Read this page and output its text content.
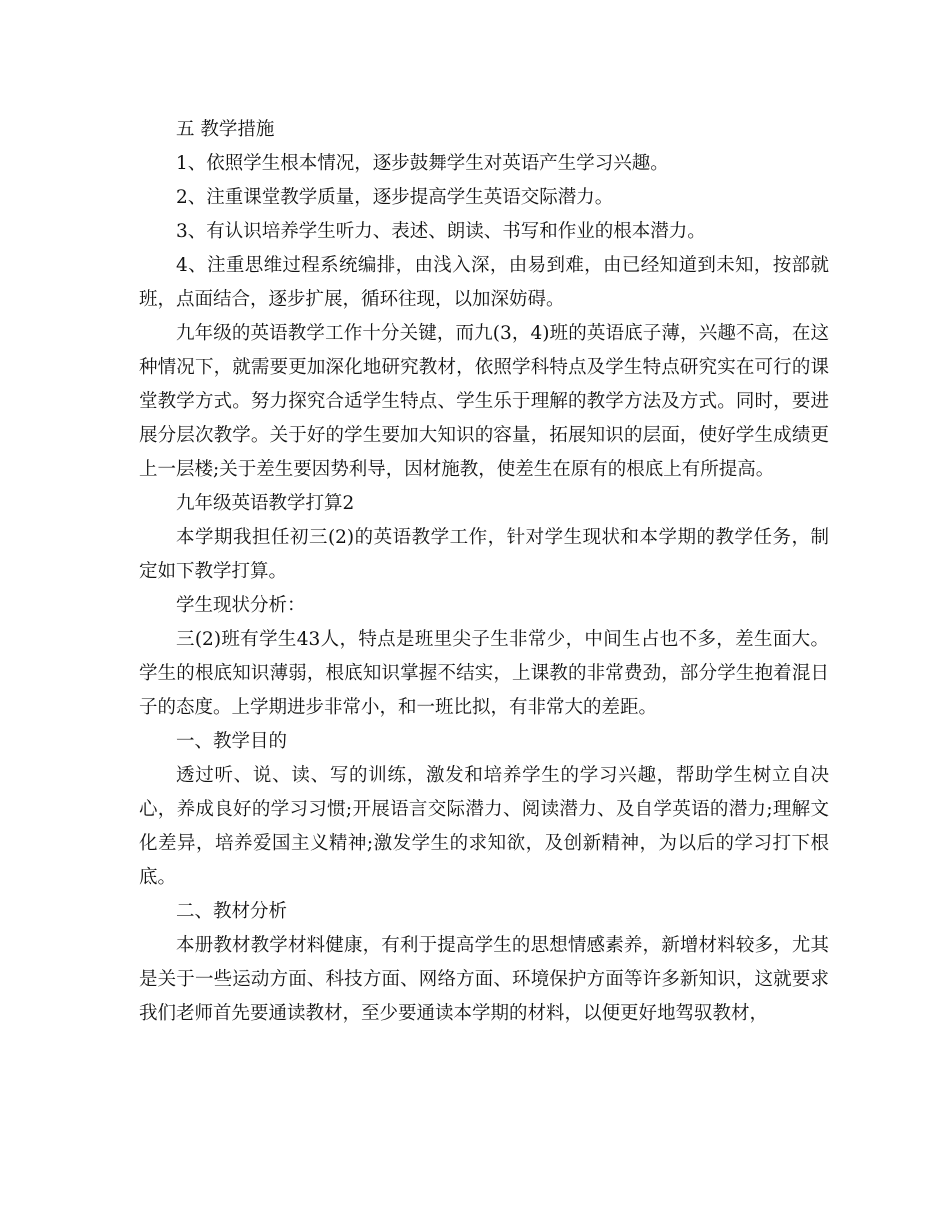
五 教学措施

1、依照学生根本情况，逐步鼓舞学生对英语产生学习兴趣。

2、注重课堂教学质量，逐步提高学生英语交际潜力。

3、有认识培养学生听力、表述、朗读、书写和作业的根本潜力。

4、注重思维过程系统编排，由浅入深，由易到难，由已经知道到未知，按部就班，点面结合，逐步扩展，循环往现，以加深妨碍。

九年级的英语教学工作十分关键，而九(3，4)班的英语底子薄，兴趣不高，在这种情况下，就需要更加深化地研究教材，依照学科特点及学生特点研究实在可行的课堂教学方式。努力探究合适学生特点、学生乐于理解的教学方法及方式。同时，要进展分层次教学。关于好的学生要加大知识的容量，拓展知识的层面，使好学生成绩更上一层楼;关于差生要因势利导，因材施教，使差生在原有的根底上有所提高。

九年级英语教学打算2

本学期我担任初三(2)的英语教学工作，针对学生现状和本学期的教学任务，制定如下教学打算。

学生现状分析：

三(2)班有学生43人，特点是班里尖子生非常少，中间生占也不多，差生面大。学生的根底知识薄弱，根底知识掌握不结实，上课教的非常费劲，部分学生抱着混日子的态度。上学期进步非常小，和一班比拟，有非常大的差距。

一、教学目的

透过听、说、读、写的训练，激发和培养学生的学习兴趣，帮助学生树立自决心，养成良好的学习习惯;开展语言交际潜力、阅读潜力、及自学英语的潜力;理解文化差异，培养爱国主义精神;激发学生的求知欲，及创新精神，为以后的学习打下根底。

二、教材分析

本册教材教学材料健康，有利于提高学生的思想情感素养，新增材料较多，尤其是关于一些运动方面、科技方面、网络方面、环境保护方面等许多新知识，这就要求我们老师首先要通读教材，至少要通读本学期的材料，以便更好地驾驭教材，
